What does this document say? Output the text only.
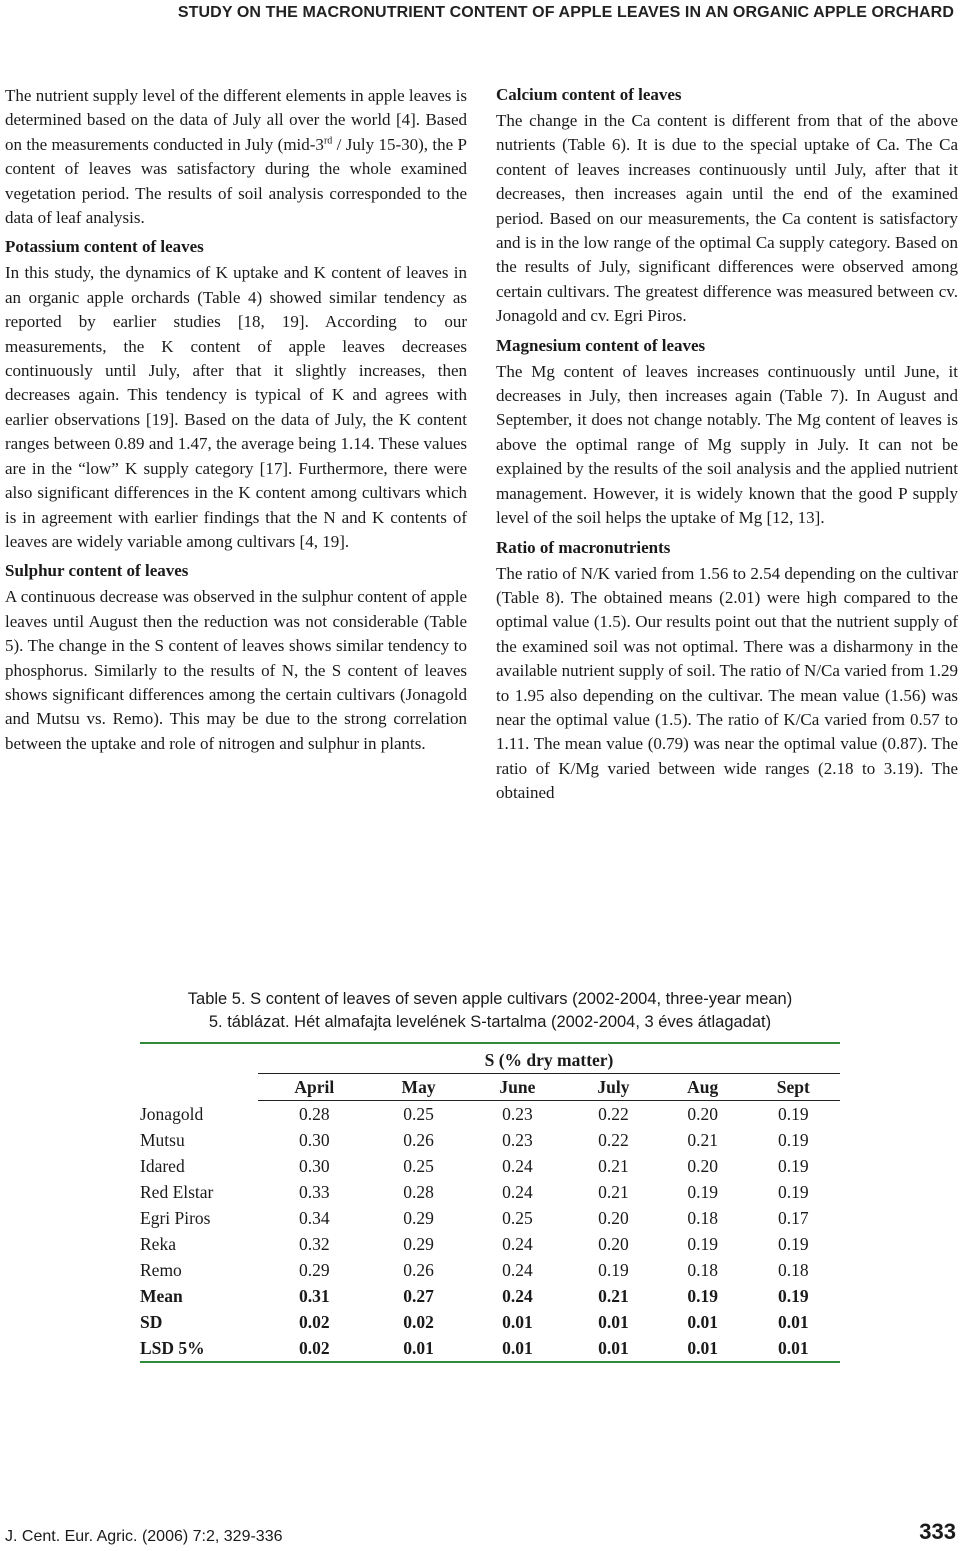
STUDY ON THE MACRONUTRIENT CONTENT OF APPLE LEAVES IN AN ORGANIC APPLE ORCHARD

The nutrient supply level of the different elements in apple leaves is determined based on the data of July all over the world [4]. Based on the measurements conducted in July (mid-3rd / July 15-30), the P content of leaves was satisfactory during the whole examined vegetation period. The results of soil analysis corresponded to the data of leaf analysis.

Potassium content of leaves

In this study, the dynamics of K uptake and K content of leaves in an organic apple orchards (Table 4) showed similar tendency as reported by earlier studies [18, 19]. According to our measurements, the K content of apple leaves decreases continuously until July, after that it slightly increases, then decreases again. This tendency is typical of K and agrees with earlier observations [19]. Based on the data of July, the K content ranges between 0.89 and 1.47, the average being 1.14. These values are in the “low” K supply category [17]. Furthermore, there were also significant differences in the K content among cultivars which is in agreement with earlier findings that the N and K contents of leaves are widely variable among cultivars [4, 19].

Sulphur content of leaves

A continuous decrease was observed in the sulphur content of apple leaves until August then the reduction was not considerable (Table 5). The change in the S content of leaves shows similar tendency to phosphorus. Similarly to the results of N, the S content of leaves shows significant differences among the certain cultivars (Jonagold and Mutsu vs. Remo). This may be due to the strong correlation between the uptake and role of nitrogen and sulphur in plants.

Calcium content of leaves

The change in the Ca content is different from that of the above nutrients (Table 6). It is due to the special uptake of Ca. The Ca content of leaves increases continuously until July, after that it decreases, then increases again until the end of the examined period. Based on our measurements, the Ca content is satisfactory and is in the low range of the optimal Ca supply category. Based on the results of July, significant differences were observed among certain cultivars. The greatest difference was measured between cv. Jonagold and cv. Egri Piros.

Magnesium content of leaves

The Mg content of leaves increases continuously until June, it decreases in July, then increases again (Table 7). In August and September, it does not change notably. The Mg content of leaves is above the optimal range of Mg supply in July. It can not be explained by the results of the soil analysis and the applied nutrient management. However, it is widely known that the good P supply level of the soil helps the uptake of Mg [12, 13].

Ratio of macronutrients

The ratio of N/K varied from 1.56 to 2.54 depending on the cultivar (Table 8). The obtained means (2.01) were high compared to the optimal value (1.5). Our results point out that the nutrient supply of the examined soil was not optimal. There was a disharmony in the available nutrient supply of soil. The ratio of N/Ca varied from 1.29 to 1.95 also depending on the cultivar. The mean value (1.56) was near the optimal value (1.5). The ratio of K/Ca varied from 0.57 to 1.11. The mean value (0.79) was near the optimal value (0.87). The ratio of K/Mg varied between wide ranges (2.18 to 3.19). The obtained

Table 5. S content of leaves of seven apple cultivars (2002-2004, three-year mean)

5. táblázat. Hét almafajta levelének S-tartalma (2002-2004, 3 éves átlagadat)

	S (% dry matter)					
	April	May	June	July	Aug	Sept
Jonagold	0.28	0.25	0.23	0.22	0.20	0.19
Mutsu	0.30	0.26	0.23	0.22	0.21	0.19
Idared	0.30	0.25	0.24	0.21	0.20	0.19
Red Elstar	0.33	0.28	0.24	0.21	0.19	0.19
Egri Piros	0.34	0.29	0.25	0.20	0.18	0.17
Reka	0.32	0.29	0.24	0.20	0.19	0.19
Remo	0.29	0.26	0.24	0.19	0.18	0.18
Mean	0.31	0.27	0.24	0.21	0.19	0.19
SD	0.02	0.02	0.01	0.01	0.01	0.01
LSD 5%	0.02	0.01	0.01	0.01	0.01	0.01
J. Cent. Eur. Agric. (2006) 7:2, 329-336	333
